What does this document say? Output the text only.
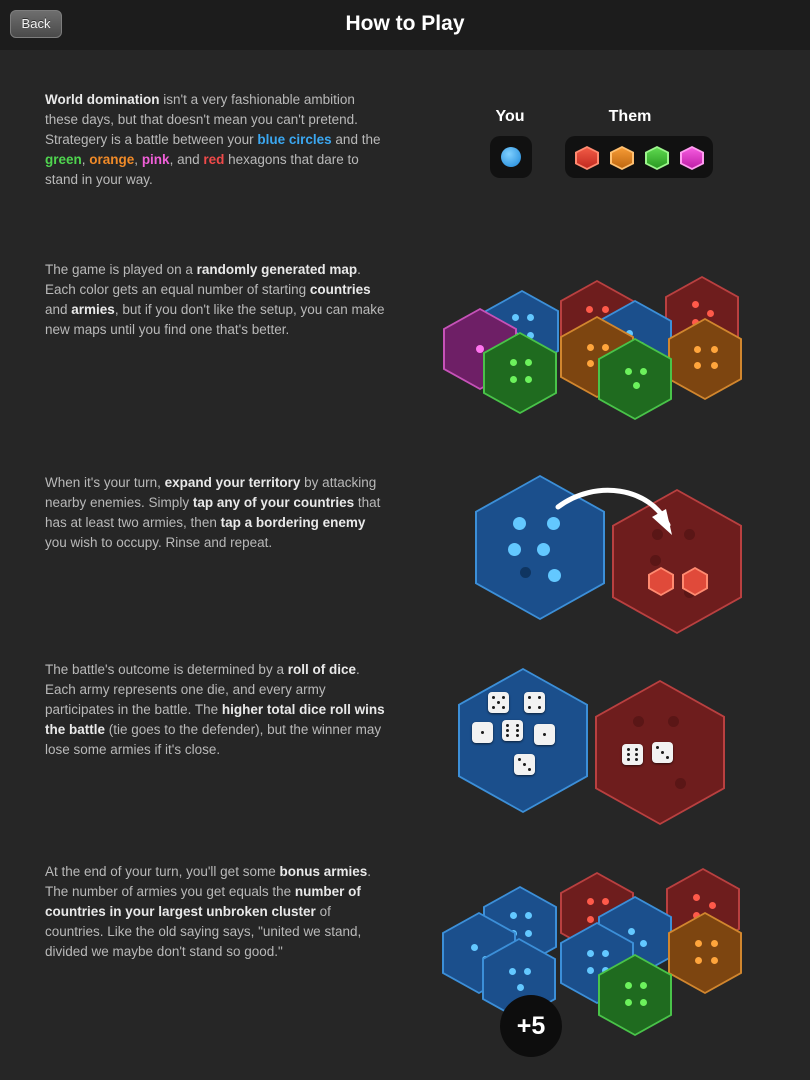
Back	How to Play
World domination isn't a very fashionable ambition these days, but that doesn't mean you can't pretend. Strategery is a battle between your blue circles and the green, orange, pink, and red hexagons that dare to stand in your way.
You	Them
The game is played on a randomly generated map. Each color gets an equal number of starting countries and armies, but if you don't like the setup, you can make new maps until you find one that's better.
When it's your turn, expand your territory by attacking nearby enemies. Simply tap any of your countries that has at least two armies, then tap a bordering enemy you wish to occupy. Rinse and repeat.
The battle's outcome is determined by a roll of dice. Each army represents one die, and every army participates in the battle. The higher total dice roll wins the battle (tie goes to the defender), but the winner may lose some armies if it's close.
At the end of your turn, you'll get some bonus armies. The number of armies you get equals the number of countries in your largest unbroken cluster of countries. Like the old saying says, "united we stand, divided we maybe don't stand so good."
+5
